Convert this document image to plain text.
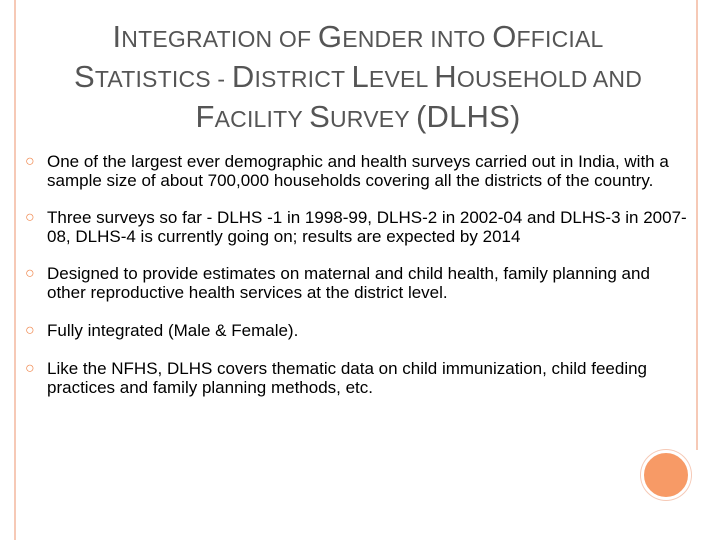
INTEGRATION OF GENDER INTO OFFICIAL
STATISTICS - DISTRICT LEVEL HOUSEHOLD AND
FACILITY SURVEY (DLHS)
○ One of the largest ever demographic and health surveys carried out in India, with a sample size of about 700,000 households covering all the districts of the country.
○ Three surveys so far - DLHS -1 in 1998-99, DLHS-2 in 2002-04 and DLHS-3 in 2007-08, DLHS-4 is currently going on; results are expected by 2014
○ Designed to provide estimates on maternal and child health, family planning and other reproductive health services at the district level.
○ Fully integrated (Male & Female).
○ Like the NFHS, DLHS covers thematic data on child immunization, child feeding practices and family planning methods, etc.
